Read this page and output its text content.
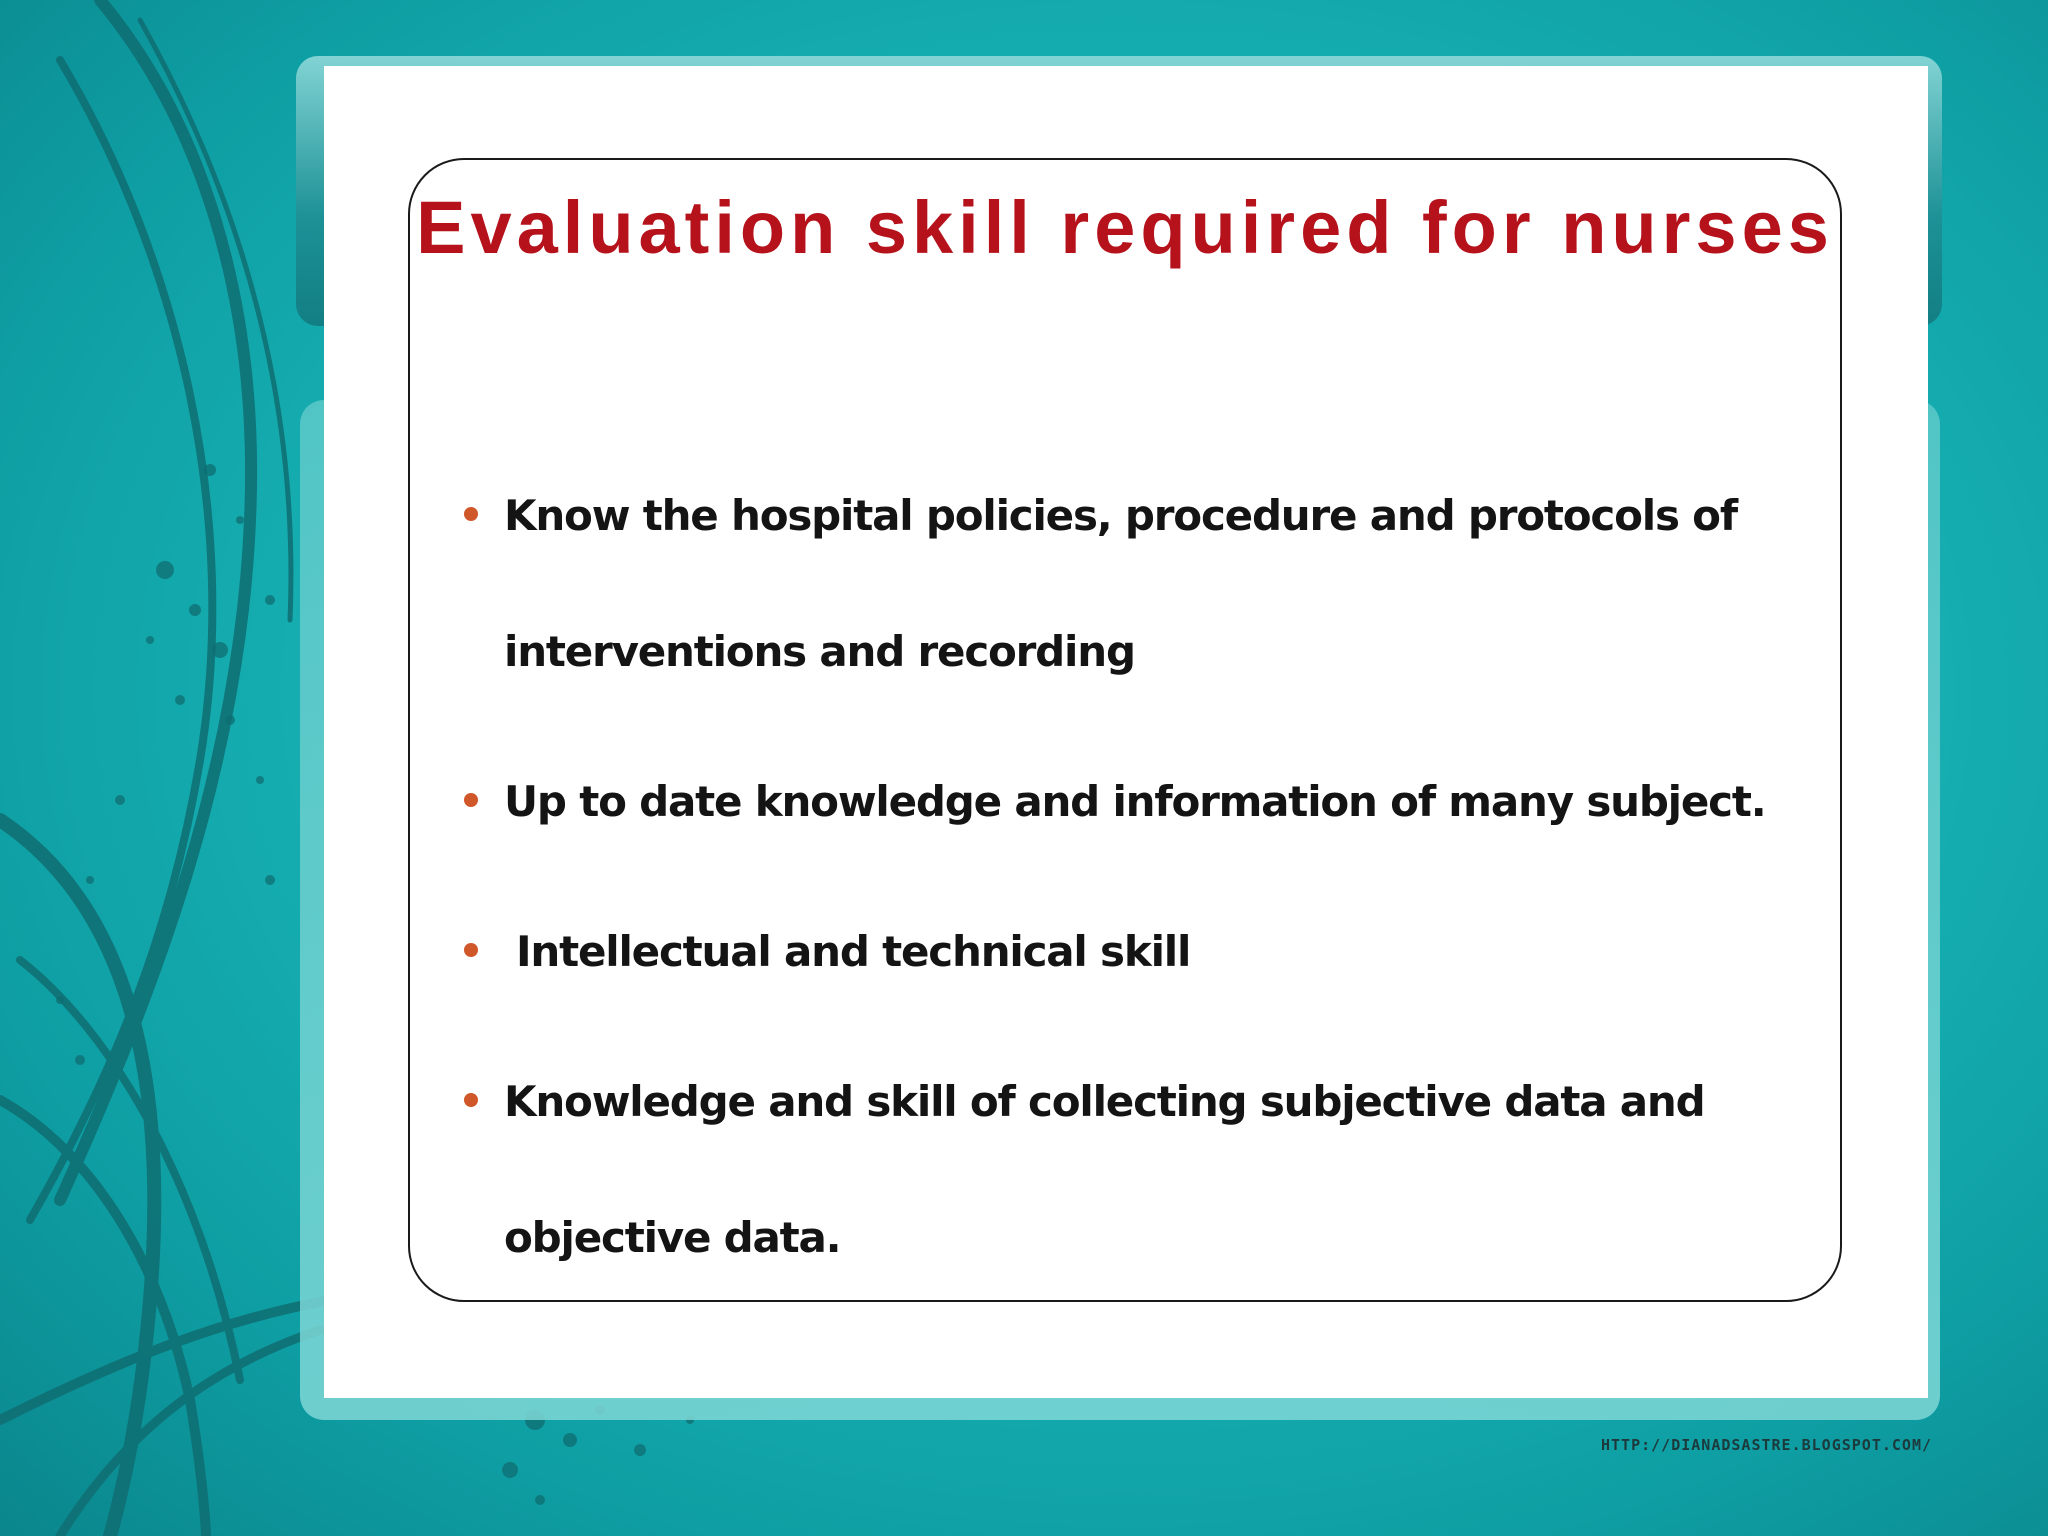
Evaluation skill required for nurses
Know the hospital policies, procedure and protocols of interventions and recording
Up to date knowledge and information of many subject.
Intellectual and technical skill
Knowledge and skill of collecting subjective data and objective data.
HTTP://DIANADSASTRE.BLOGSPOT.COM/
